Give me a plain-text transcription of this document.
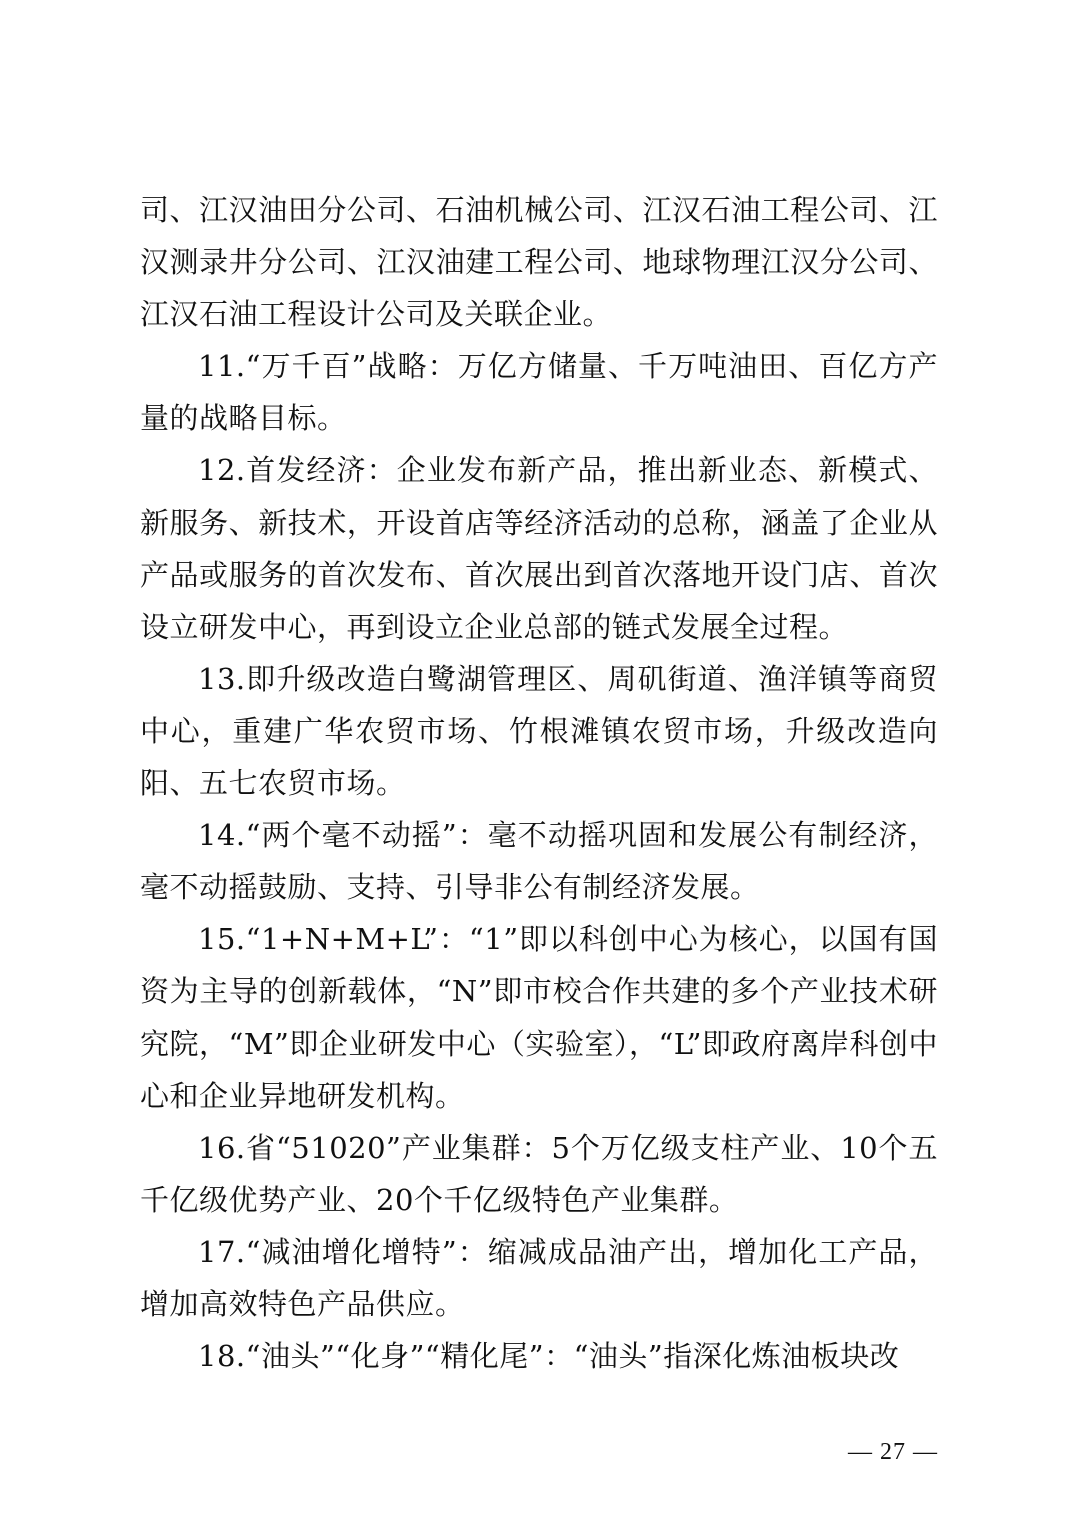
司、江汉油田分公司、石油机械公司、江汉石油工程公司、江汉测录井分公司、江汉油建工程公司、地球物理江汉分公司、江汉石油工程设计公司及关联企业。

11.“万千百”战略：万亿方储量、千万吨油田、百亿方产量的战略目标。

12.首发经济：企业发布新产品，推出新业态、新模式、新服务、新技术，开设首店等经济活动的总称，涵盖了企业从产品或服务的首次发布、首次展出到首次落地开设门店、首次设立研发中心，再到设立企业总部的链式发展全过程。

13.即升级改造白鹭湖管理区、周矶街道、渔洋镇等商贸中心，重建广华农贸市场、竹根滩镇农贸市场，升级改造向阳、五七农贸市场。

14.“两个毫不动摇”：毫不动摇巩固和发展公有制经济，毫不动摇鼓励、支持、引导非公有制经济发展。

15.“1+N+M+L”：“1”即以科创中心为核心，以国有国资为主导的创新载体，“N”即市校合作共建的多个产业技术研究院，“M”即企业研发中心（实验室），“L”即政府离岸科创中心和企业异地研发机构。

16.省“51020”产业集群：5个万亿级支柱产业、10个五千亿级优势产业、20个千亿级特色产业集群。

17.“减油增化增特”：缩减成品油产出，增加化工产品，增加高效特色产品供应。

18.“油头”“化身”“精化尾”：“油头”指深化炼油板块改

— 27 —
